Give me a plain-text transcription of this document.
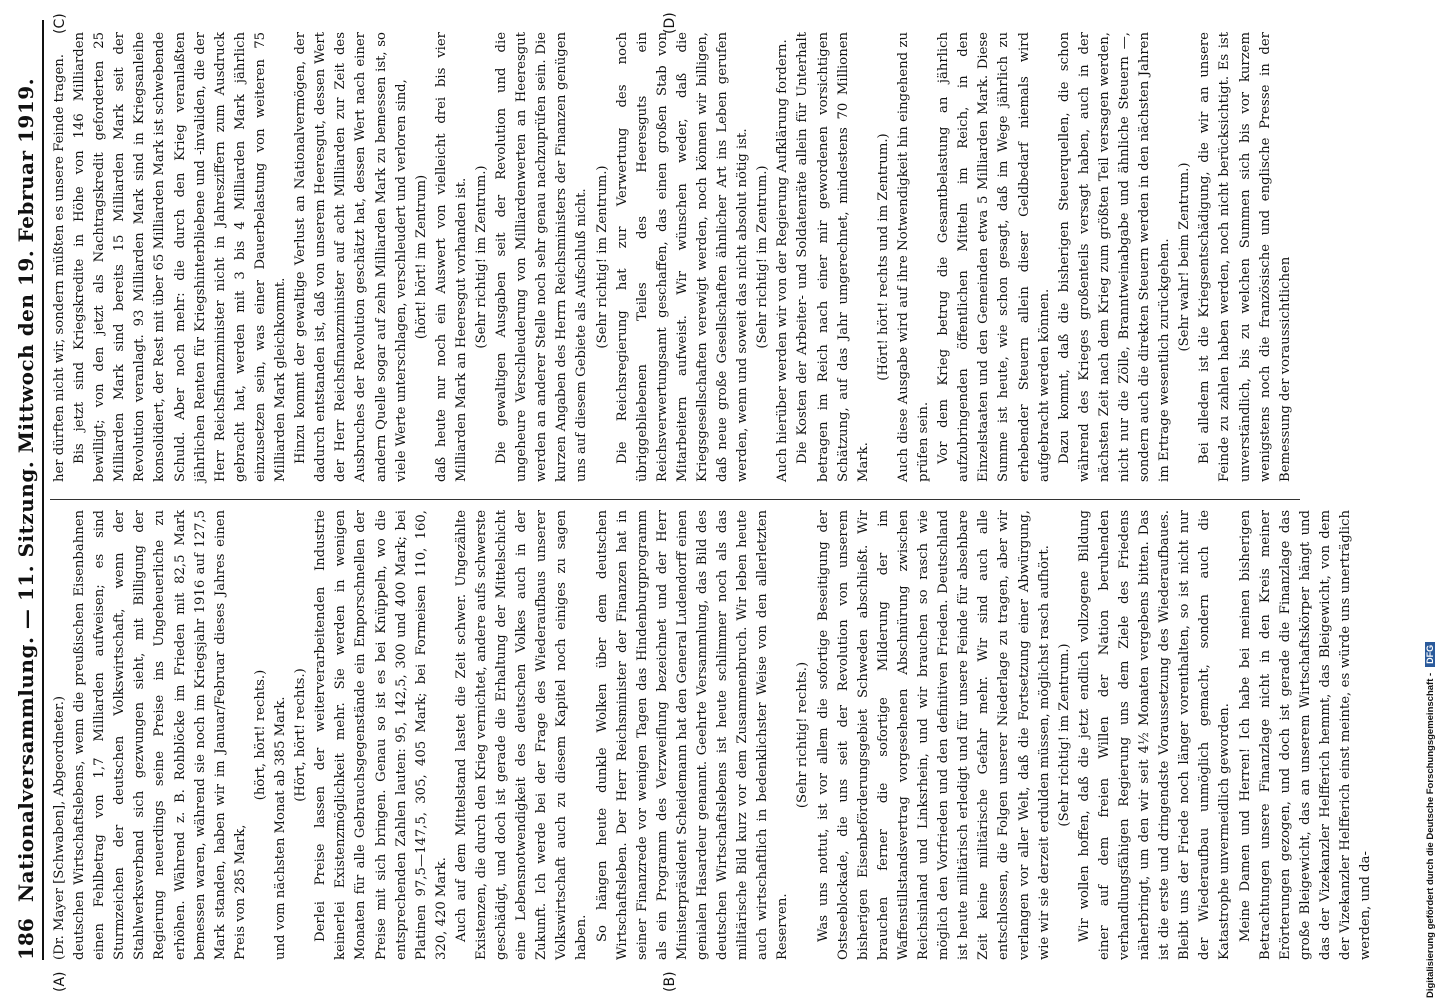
186
Nationalversammlung. — 11. Sitzung. Mittwoch den 19. Februar 1919.
(A)	(B)
(C)	(D)

(Dr. Mayer [Schwaben], Abgeordneter.) deutschen Wirtschaftslebens, wenn die preußischen Eisenbahnen einen Fehlbetrag von 1,7 Milliarden aufweisen; es sind Sturmzeichen der deutschen Volkswirtschaft, wenn der Stahlwerksverband sich gezwungen sieht, mit Billigung der Regierung neuerdings seine Preise ins Ungeheuerliche zu erhöhen. Während z. B. Rohblöcke im Frieden mit 82,5 Mark bemessen waren, während sie noch im Kriegsjahr 1916 auf 127,5 Mark standen, haben wir im Januar/Februar dieses Jahres einen Preis von 285 Mark,

(hört, hört! rechts.) und vom nächsten Monat ab 385 Mark. (Hört, hört! rechts.) Derlei Preise lassen der weiterverarbeitenden Industrie keinerlei Existenzmöglichkeit mehr. Sie werden in wenigen Monaten für alle Gebrauchsgegenstände ein Emporschnellen der Preise mit sich bringen. Genau so ist es bei Knüppeln, wo die entsprechenden Zahlen lauten: 95, 142,5, 300 und 400 Mark; bei Platinen 97,5—147,5, 305, 405 Mark; bei Formeisen 110, 160, 320, 420 Mark. Auch auf dem Mittelstand lastet die Zeit schwer. Ungezählte Existenzen, die durch den Krieg vernichtet, andere aufs schwerste geschädigt, und doch ist gerade die Erhaltung der Mittelschicht eine Lebensnotwendigkeit des deutschen Volkes auch in der Zukunft. Ich werde bei der Frage des Wiederaufbaus unserer Volkswirtschaft auch zu diesem Kapitel noch einiges zu sagen haben. So hängen heute dunkle Wolken über dem deutschen Wirtschaftsleben. Der Herr Reichsminister der Finanzen hat in seiner Finanzrede vor wenigen Tagen das Hindenburgprogramm als ein Programm des Verzweiflung bezeichnet und der Herr Ministerpräsident Scheidemann hat den General Ludendorff einen genialen Hasardeur genannt. Geehrte Versammlung, das Bild des deutschen Wirtschaftslebens ist heute schlimmer noch als das militärische Bild kurz vor dem Zusammenbruch. Wir leben heute auch wirtschaftlich in bedenklichster Weise von den allerletzten Reserven.

(Sehr richtig! rechts.) Was uns nottut, ist vor allem die sofortige Beseitigung der Ostseeblockade, die uns seit der Revolution von unserem bisherigen Eisenbeförderungsgebiet Schweden abschließt. Wir brauchen ferner die sofortige Milderung der im Waffenstillstandsvertrag vorgesehenen Abschnürung zwischen Reichsinland und Linksrhein, und wir brauchen so rasch wie möglich den Vorfrieden und den definitiven Frieden. Deutschland ist heute militärisch erledigt und für unsere Feinde für absehbare Zeit keine militärische Gefahr mehr. Wir sind auch alle entschlossen, die Folgen unserer Niederlage zu tragen, aber wir verlangen vor aller Welt, daß die Fortsetzung einer Abwürgung, wie wir sie derzeit erdulden müssen, möglichst rasch aufhört. (Sehr richtig! im Zentrum.) Wir wollen hoffen, daß die jetzt endlich vollzogene Bildung einer auf dem freien Willen der Nation beruhenden verhandlungsfähigen Regierung uns dem Ziele des Friedens näherbringt, um den wir seit 4½ Monaten vergebens bitten. Das ist die erste und dringendste Voraussetzung des Wiederaufbaues. Bleibt uns der Friede noch länger vorenthalten, so ist nicht nur der Wiederaufbau unmöglich gemacht, sondern auch die Katastrophe unvermeidlich geworden. Meine Damen und Herren! Ich habe bei meinen bisherigen Betrachtungen unsere Finanzlage nicht in den Kreis meiner Erörterungen gezogen, und doch ist gerade die Finanzlage das große Bleigewicht, das an unserem Wirtschaftskörper hängt und das der Vizekanzler Helfferich hemmt, das Bleigewicht, von dem der Vizekanzler Helfferich einst meinte, es würde uns unerträglich werden, und da-

her dürften nicht wir, sondern müßten es unsere Feinde tragen. Bis jetzt sind Kriegskredite in Höhe von 146 Milliarden bewilligt; von den jetzt als Nachtragskredit geforderten 25 Milliarden Mark sind bereits 15 Milliarden Mark seit der Revolution veranlagt. 93 Milliarden Mark sind in Kriegsanleihe konsolidiert, der Rest mit über 65 Milliarden Mark ist schwebende Schuld. Aber noch mehr: die durch den Krieg veranlaßten jährlichen Renten für Kriegshinterbliebene und -invaliden, die der Herr Reichsfinanzminister nicht in Jahresziffern zum Ausdruck gebracht hat, werden mit 3 bis 4 Milliarden Mark jährlich einzusetzen sein, was einer Dauerbelastung von weiteren 75 Milliarden Mark gleichkommt. Hinzu kommt der gewaltige Verlust an Nationalvermögen, der dadurch entstanden ist, daß von unserem Heeresgut, dessen Wert der Herr Reichsfinanzminister auf acht Milliarden zur Zeit des Ausbruches der Revolution geschätzt hat, dessen Wert nach einer andern Quelle sogar auf zehn Milliarden Mark zu bemessen ist, so viele Werte unterschlagen, verschleudert und verloren sind, (hört! hört! im Zentrum) daß heute nur noch ein Auswert von vielleicht drei bis vier Milliarden Mark an Heeresgut vorhanden ist. (Sehr richtig! im Zentrum.) Die gewaltigen Ausgaben seit der Revolution und die ungeheure Verschleuderung von Milliardenwerten an Heeresgut werden an anderer Stelle noch sehr genau nachzuprüfen sein. Die kurzen Angaben des Herrn Reichsministers der Finanzen genügen uns auf diesem Gebiete als Aufschluß nicht. (Sehr richtig! im Zentrum.) Die Reichsregierung hat zur Verwertung des noch übriggebliebenen Teiles des Heeresguts ein Reichsverwertungsamt geschaffen, das einen großen Stab von Mitarbeitern aufweist. Wir wünschen weder, daß die Kriegsgesellschaften verewigt werden, noch können wir billigen, daß neue große Gesellschaften ähnlicher Art ins Leben gerufen werden, wenn und soweit das nicht absolut nötig ist. (Sehr richtig! im Zentrum.) Auch hierüber werden wir von der Regierung Aufklärung fordern. Die Kosten der Arbeiter- und Soldatenräte allein für Unterhalt betragen im Reich nach einer mir gewordenen vorsichtigen Schätzung, auf das Jahr umgerechnet, mindestens 70 Millionen Mark.

(Hört! hört! rechts und im Zentrum.) Auch diese Ausgabe wird auf ihre Notwendigkeit hin eingehend zu prüfen sein. Vor dem Krieg betrug die Gesamtbelastung an jährlich aufzubringenden öffentlichen Mitteln im Reich, in den Einzelstaaten und den Gemeinden etwa 5 Milliarden Mark. Diese Summe ist heute, wie schon gesagt, daß im Wege jährlich zu erhebender Steuern allein dieser Geldbedarf niemals wird aufgebracht werden können. Dazu kommt, daß die bisherigen Steuerquellen, die schon während des Krieges großenteils versagt haben, auch in der nächsten Zeit nach dem Krieg zum größten Teil versagen werden, nicht nur die Zölle, Branntweinabgabe und ähnliche Steuern —, sondern auch die direkten Steuern werden in den nächsten Jahren im Ertrage wesentlich zurückgehen. (Sehr wahr! beim Zentrum.) Bei alledem ist die Kriegsentschädigung, die wir an unsere Feinde zu zahlen haben werden, noch nicht berücksichtigt. Es ist unverständlich, bis zu welchen Summen sich bis vor kurzem wenigstens noch die französische und englische Presse in der Bemessung der voraussichtlichen

Digitalisierung gefördert durch die Deutsche Forschungsgemeinschaft -DFG
